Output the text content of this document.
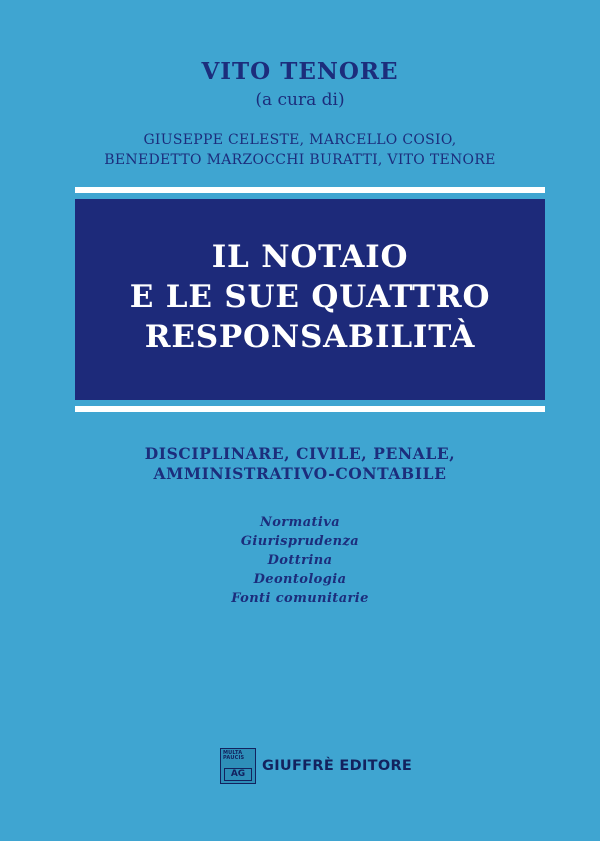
VITO TENORE
(a cura di)
GIUSEPPE CELESTE, MARCELLO COSIO,
BENEDETTO MARZOCCHI BURATTI, VITO TENORE
IL NOTAIO
E LE SUE QUATTRO
RESPONSABILITÀ
DISCIPLINARE, CIVILE, PENALE,
AMMINISTRATIVO-CONTABILE
Normativa
Giurisprudenza
Dottrina
Deontologia
Fonti comunitarie
MULTA PAUCIS
AG	GIUFFRÈ EDITORE
